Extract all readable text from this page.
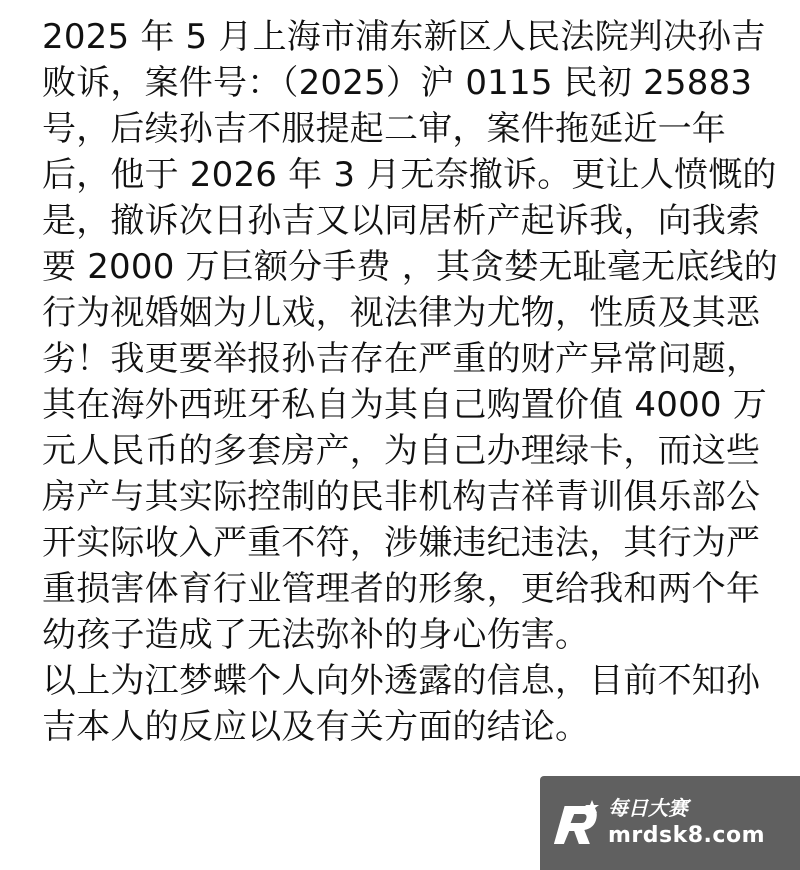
2025 年 5 月上海市浦东新区人民法院判决孙吉
败诉，案件号：（2025）沪 0115 民初 25883
号，后续孙吉不服提起二审，案件拖延近一年
后，他于 2026 年 3 月无奈撤诉。更让人愤慨的
是，撤诉次日孙吉又以同居析产起诉我，向我索
要 2000 万巨额分手费 ，其贪婪无耻毫无底线的
行为视婚姻为儿戏，视法律为尤物，性质及其恶
劣！我更要举报孙吉存在严重的财产异常问题，
其在海外西班牙私自为其自己购置价值 4000 万
元人民币的多套房产，为自己办理绿卡，而这些
房产与其实际控制的民非机构吉祥青训俱乐部公
开实际收入严重不符，涉嫌违纪违法，其行为严
重损害体育行业管理者的形象，更给我和两个年
幼孩子造成了无法弥补的身心伤害。

以上为江梦蝶个人向外透露的信息，目前不知孙
吉本人的反应以及有关方面的结论。

每日大赛
mrdsk8.com
